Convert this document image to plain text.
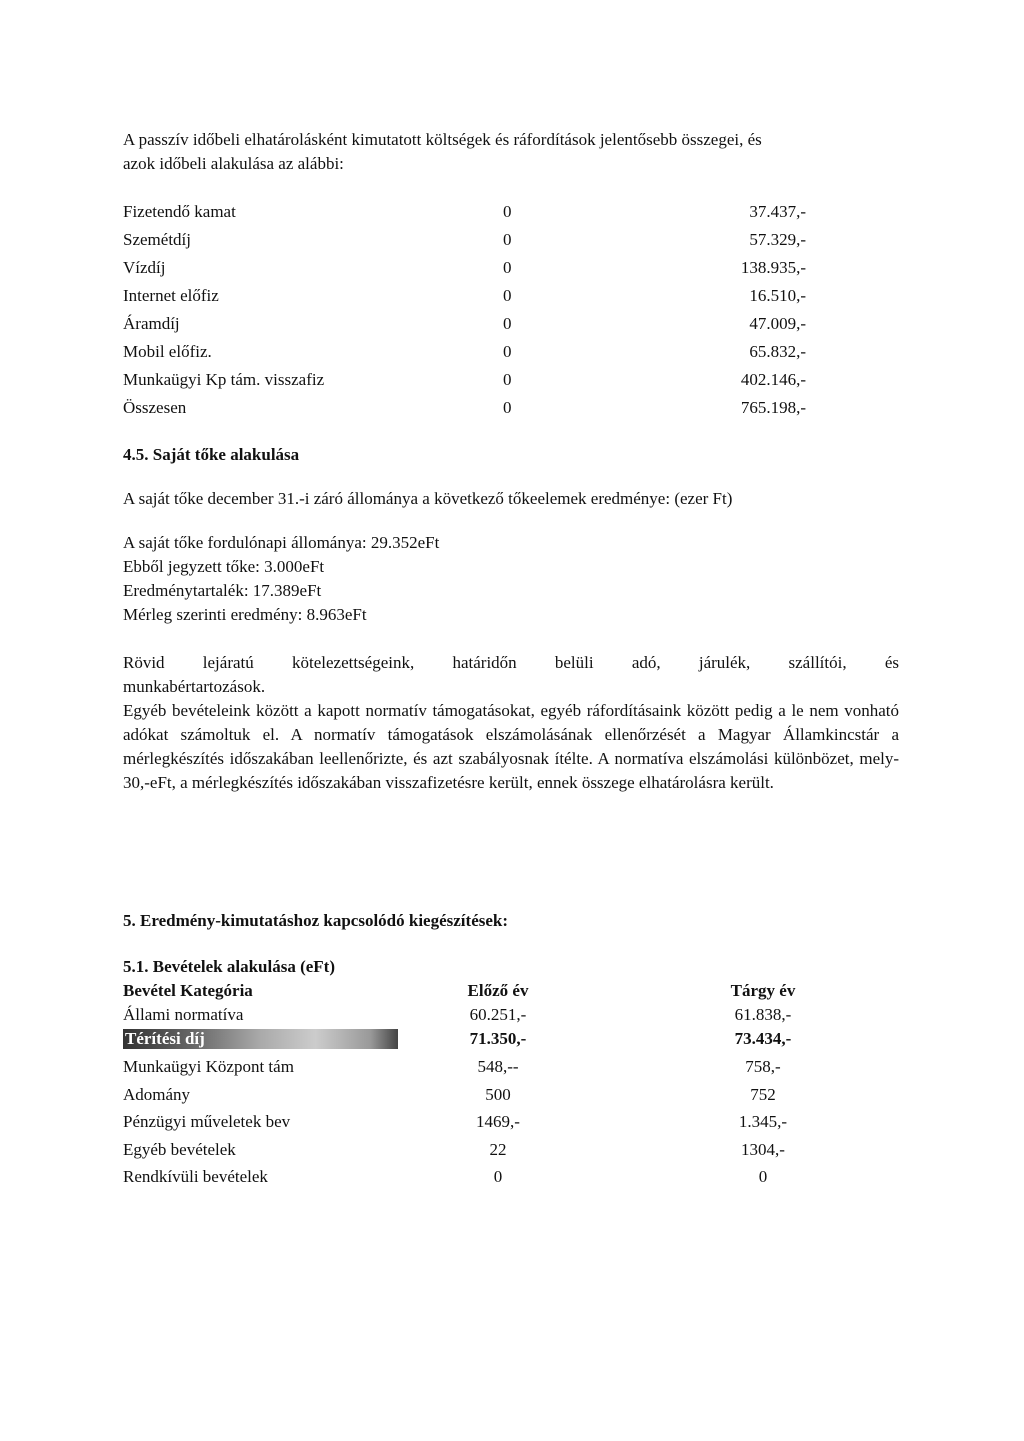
A passzív időbeli elhatárolásként kimutatott költségek és ráfordítások jelentősebb összegei, és

azok időbeli alakulása az alábbi:

Fizetendő kamat	0	37.437,-
Szemétdíj	0	57.329,-
Vízdíj	0	138.935,-
Internet előfiz	0	16.510,-
Áramdíj	0	47.009,-
Mobil előfiz.	0	65.832,-
Munkaügyi Kp tám. visszafiz	0	402.146,-
Összesen	0	765.198,-

4.5. Saját tőke alakulása

A saját tőke december 31.-i záró állománya a következő tőkeelemek eredménye: (ezer Ft)

A saját tőke fordulónapi állománya: 29.352eFt

Ebből jegyzett tőke: 3.000eFt

Eredménytartalék: 17.389eFt

Mérleg szerinti eredmény: 8.963eFt

Rövid lejáratú kötelezettségeink, határidőn belüli adó, járulék, szállítói, és

munkabértartozások.

Egyéb bevételeink között a kapott normatív támogatásokat, egyéb ráfordításaink között pedig a le nem vonható adókat számoltuk el. A normatív támogatások elszámolásának ellenőrzését a Magyar Államkincstár a mérlegkészítés időszakában leellenőrizte, és azt szabályosnak ítélte. A normatíva elszámolási különbözet, mely- 30,-eFt, a mérlegkészítés időszakában visszafizetésre került, ennek összege elhatárolásra került.

5. Eredmény-kimutatáshoz kapcsolódó kiegészítések:

5.1. Bevételek alakulása (eFt)

Bevétel Kategória	Előző év	Tárgy év
Állami normatíva	60.251,-	61.838,-
Térítési díj	71.350,-	73.434,-
Munkaügyi Központ tám	548,--	758,-
Adomány	500	752
Pénzügyi műveletek bev	1469,-	1.345,-
Egyéb bevételek	22	1304,-
Rendkívüli bevételek	0	0
